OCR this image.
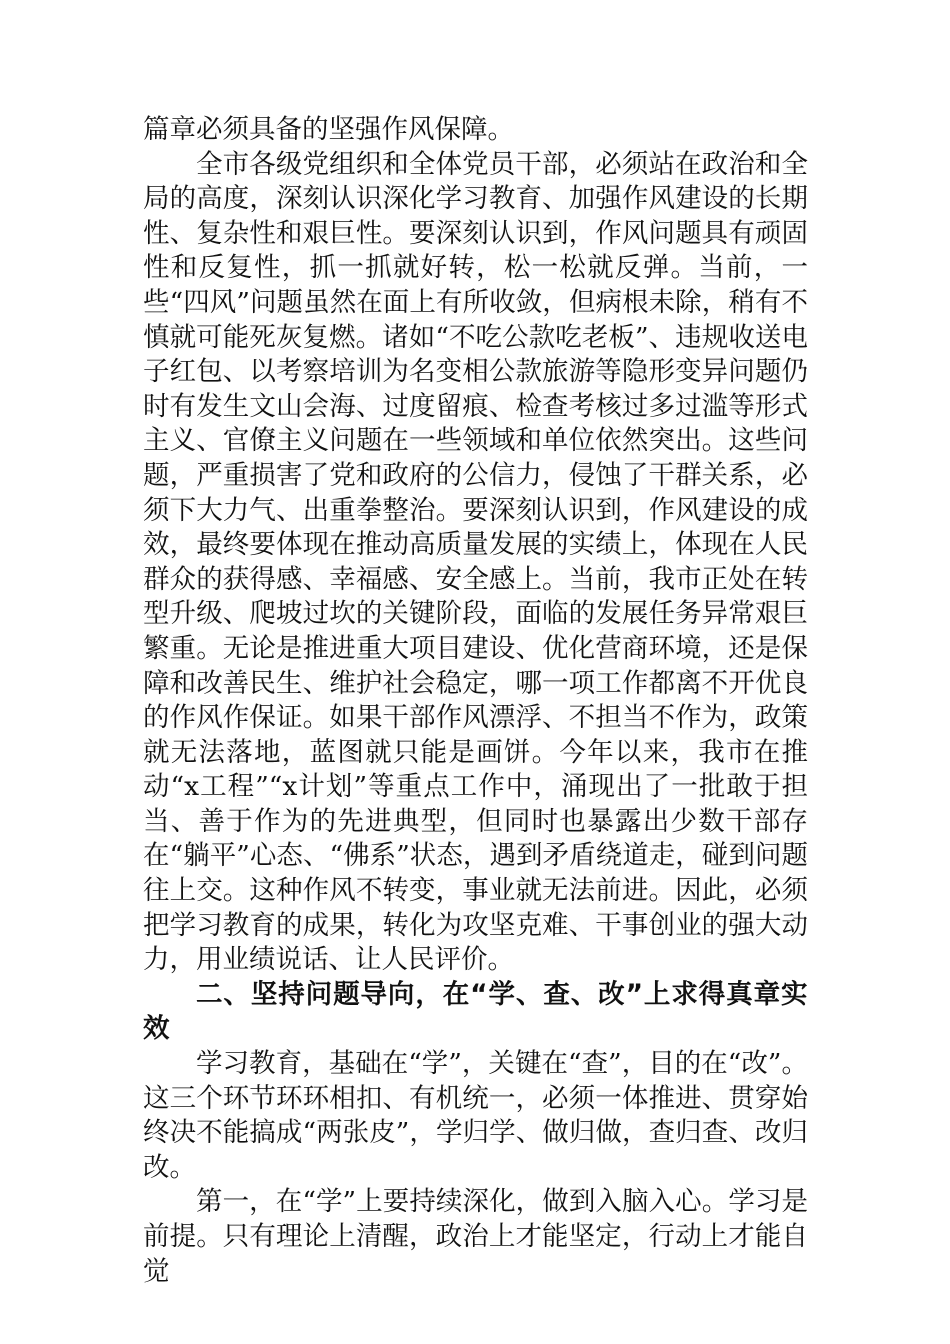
篇章必须具备的坚强作风保障。

全市各级党组织和全体党员干部，必须站在政治和全局的高度，深刻认识深化学习教育、加强作风建设的长期性、复杂性和艰巨性。要深刻认识到，作风问题具有顽固性和反复性，抓一抓就好转，松一松就反弹。当前，一些“四风”问题虽然在面上有所收敛，但病根未除，稍有不慎就可能死灰复燃。诸如“不吃公款吃老板”、违规收送电子红包、以考察培训为名变相公款旅游等隐形变异问题仍时有发生文山会海、过度留痕、检查考核过多过滥等形式主义、官僚主义问题在一些领域和单位依然突出。这些问题，严重损害了党和政府的公信力，侵蚀了干群关系，必须下大力气、出重拳整治。要深刻认识到，作风建设的成效，最终要体现在推动高质量发展的实绩上，体现在人民群众的获得感、幸福感、安全感上。当前，我市正处在转型升级、爬坡过坎的关键阶段，面临的发展任务异常艰巨繁重。无论是推进重大项目建设、优化营商环境，还是保障和改善民生、维护社会稳定，哪一项工作都离不开优良的作风作保证。如果干部作风漂浮、不担当不作为，政策就无法落地，蓝图就只能是画饼。今年以来，我市在推动“x工程”“x计划”等重点工作中，涌现出了一批敢于担当、善于作为的先进典型，但同时也暴露出少数干部存在“躺平”心态、“佛系”状态，遇到矛盾绕道走，碰到问题往上交。这种作风不转变，事业就无法前进。因此，必须把学习教育的成果，转化为攻坚克难、干事创业的强大动力，用业绩说话、让人民评价。

二、坚持问题导向，在“学、查、改”上求得真章实效

学习教育，基础在“学”，关键在“查”，目的在“改”。这三个环节环环相扣、有机统一，必须一体推进、贯穿始终决不能搞成“两张皮”，学归学、做归做，查归查、改归改。

第一，在“学”上要持续深化，做到入脑入心。学习是前提。只有理论上清醒，政治上才能坚定，行动上才能自觉
